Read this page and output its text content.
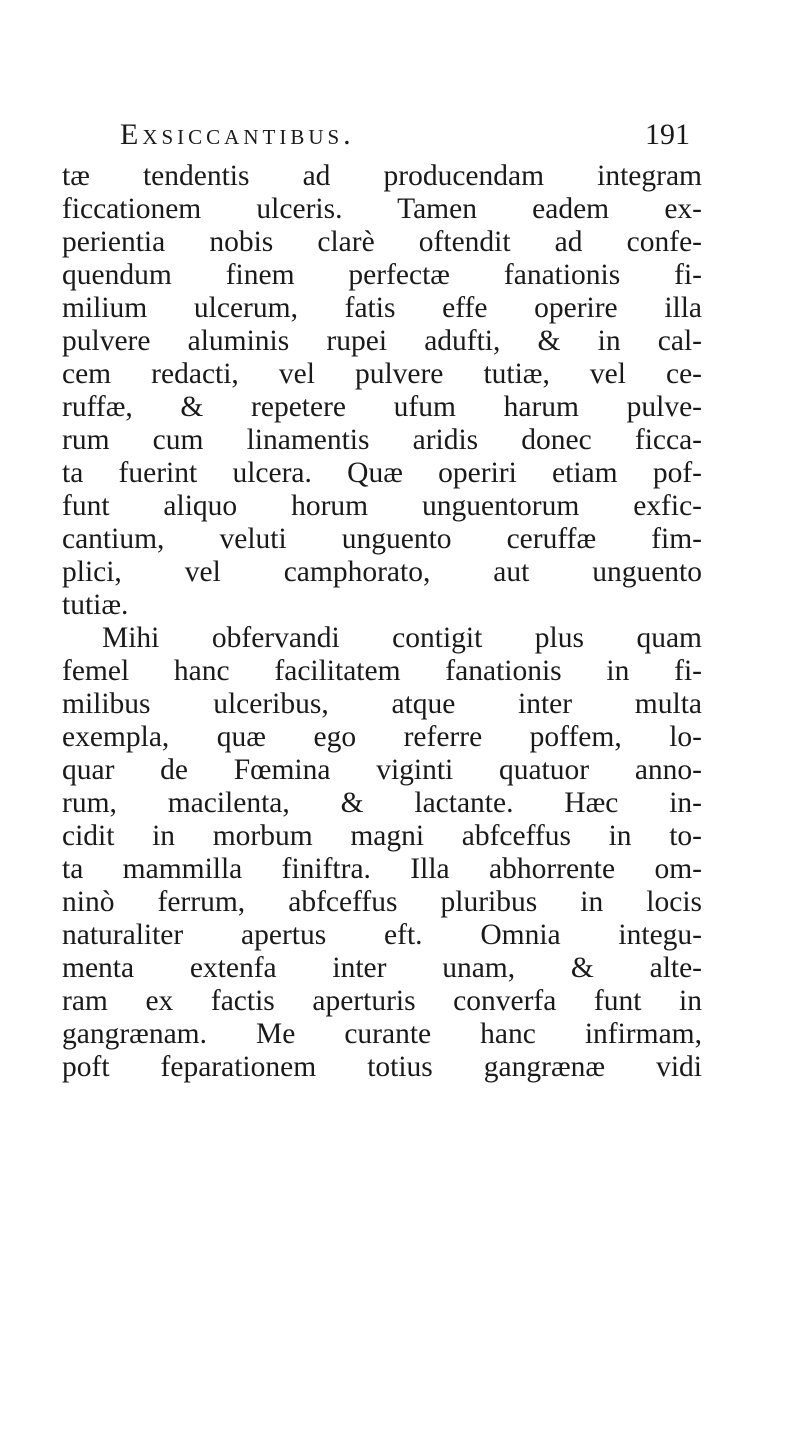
Exsiccantibus.	191
tæ tendentis ad producendam integram
ficcationem ulceris. Tamen eadem ex-
perientia nobis clarè oftendit ad confe-
quendum finem perfectæ fanationis fi-
milium ulcerum, fatis effe operire illa
pulvere aluminis rupei adufti, & in cal-
cem redacti, vel pulvere tutiæ, vel ce-
ruffæ, & repetere ufum harum pulve-
rum cum linamentis aridis donec ficca-
ta fuerint ulcera. Quæ operiri etiam pof-
funt aliquo horum unguentorum exfic-
cantium, veluti unguento ceruffæ fim-
plici, vel camphorato, aut unguento
tutiæ.
Mihi obfervandi contigit plus quam
femel hanc facilitatem fanationis in fi-
milibus ulceribus, atque inter multa
exempla, quæ ego referre poffem, lo-
quar de Fœmina viginti quatuor anno-
rum, macilenta, & lactante. Hæc in-
cidit in morbum magni abfceffus in to-
ta mammilla finiftra. Illa abhorrente om-
ninò ferrum, abfceffus pluribus in locis
naturaliter apertus eft. Omnia integu-
menta extenfa inter unam, & alte-
ram ex factis aperturis converfa funt in
gangrænam. Me curante hanc infirmam,
poft feparationem totius gangrænæ vidi
